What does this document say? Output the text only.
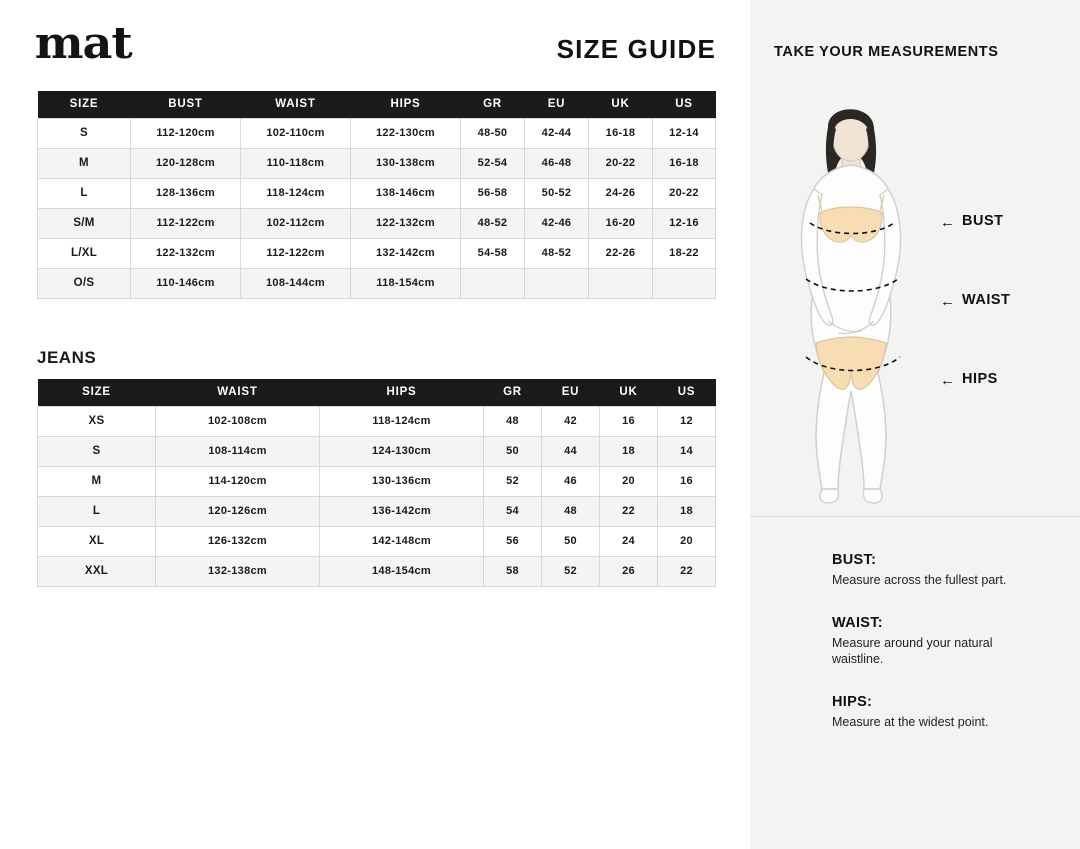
mat	SIZE GUIDE
SIZE	BUST	WAIST	HIPS	GR	EU	UK	US
S	112-120cm	102-110cm	122-130cm	48-50	42-44	16-18	12-14
M	120-128cm	110-118cm	130-138cm	52-54	46-48	20-22	16-18
L	128-136cm	118-124cm	138-146cm	56-58	50-52	24-26	20-22
S/M	112-122cm	102-112cm	122-132cm	48-52	42-46	16-20	12-16
L/XL	122-132cm	112-122cm	132-142cm	54-58	48-52	22-26	18-22
O/S	110-146cm	108-144cm	118-154cm				
JEANS
SIZE	WAIST	HIPS	GR	EU	UK	US
XS	102-108cm	118-124cm	48	42	16	12
S	108-114cm	124-130cm	50	44	18	14
M	114-120cm	130-136cm	52	46	20	16
L	120-126cm	136-142cm	54	48	22	18
XL	126-132cm	142-148cm	56	50	24	20
XXL	132-138cm	148-154cm	58	52	26	22
TAKE YOUR MEASUREMENTS
← BUST
← WAIST
← HIPS
BUST:
Measure across the fullest part.
WAIST:
Measure around your natural waistline.
HIPS:
Measure at the widest point.
